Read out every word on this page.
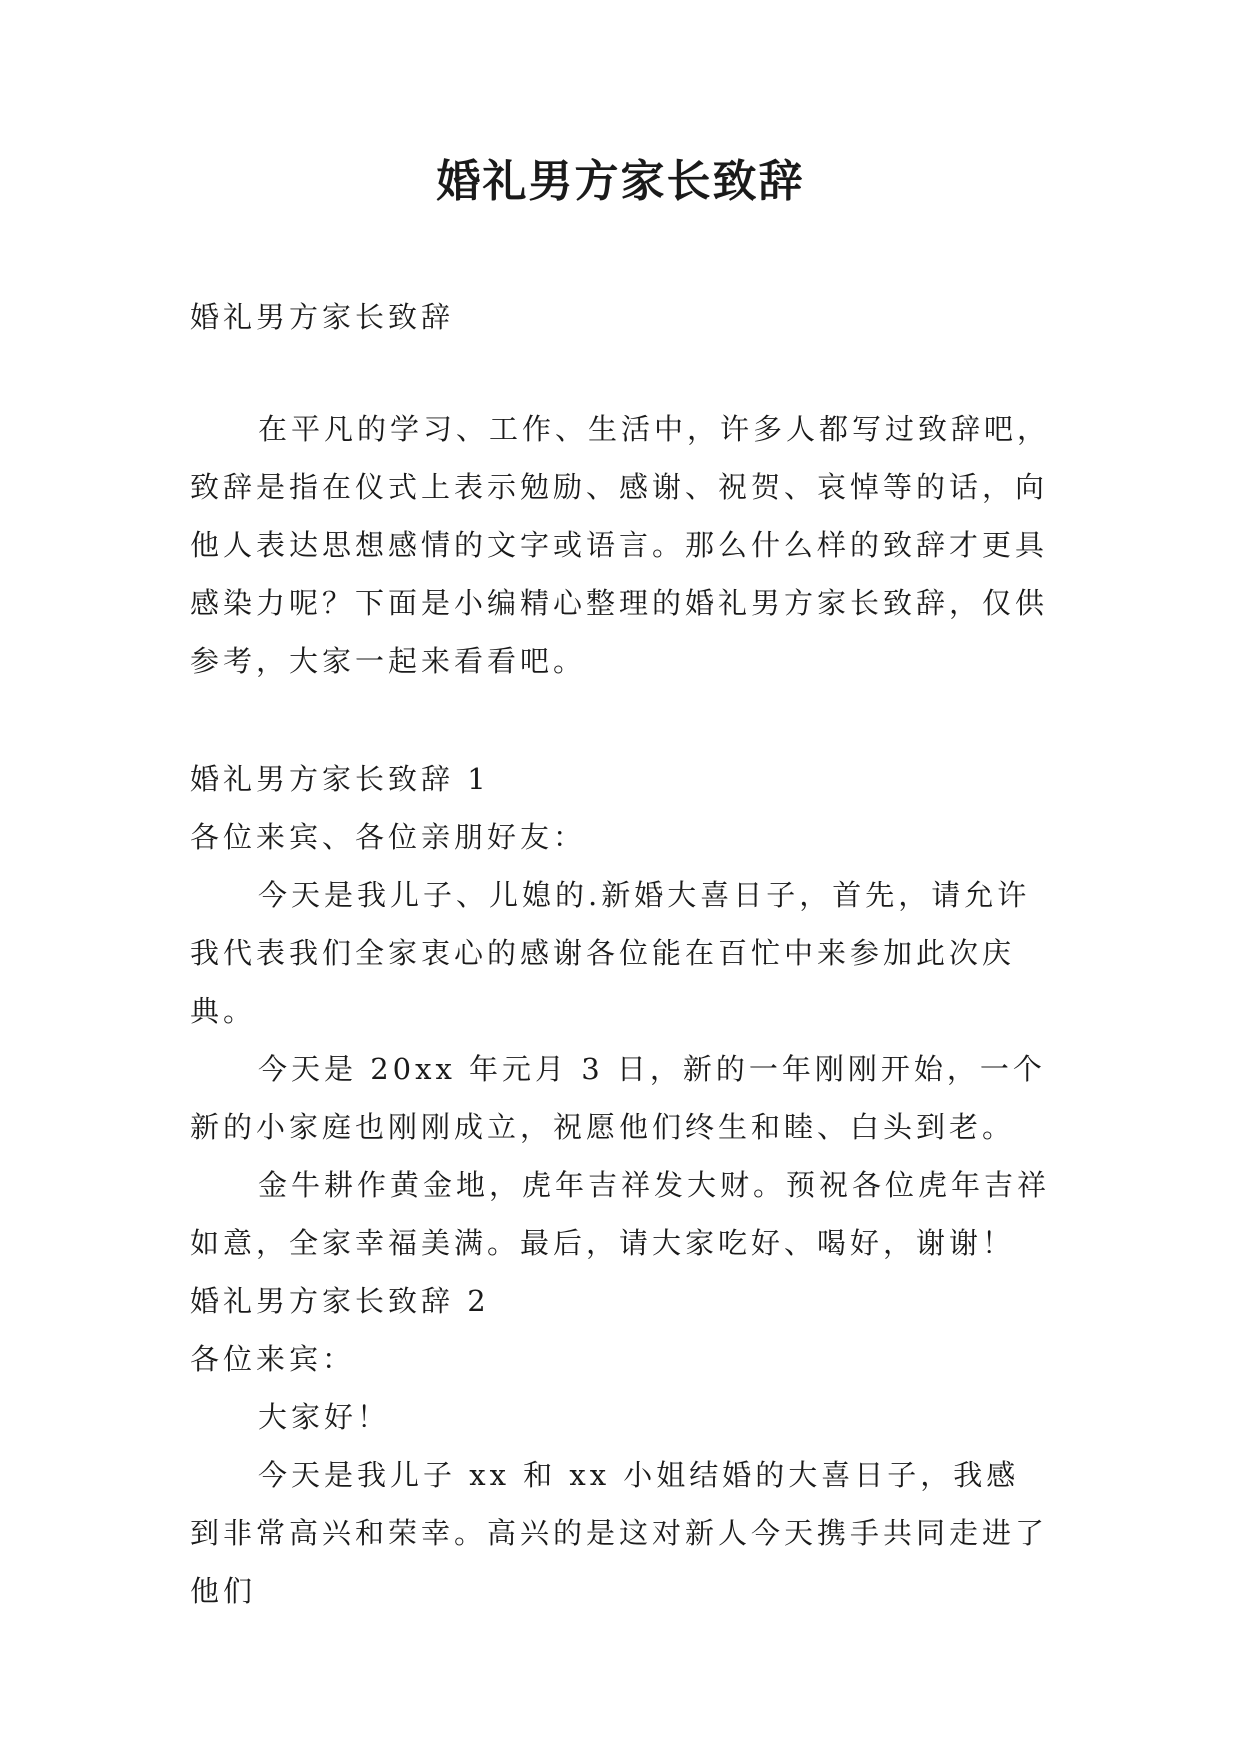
婚礼男方家长致辞

婚礼男方家长致辞

在平凡的学习、工作、生活中，许多人都写过致辞吧，致辞是指在仪式上表示勉励、感谢、祝贺、哀悼等的话，向他人表达思想感情的文字或语言。那么什么样的致辞才更具感染力呢？下面是小编精心整理的婚礼男方家长致辞，仅供参考，大家一起来看看吧。

婚礼男方家长致辞 1

各位来宾、各位亲朋好友：

今天是我儿子、儿媳的.新婚大喜日子，首先，请允许我代表我们全家衷心的感谢各位能在百忙中来参加此次庆典。

今天是 20xx 年元月 3 日，新的一年刚刚开始，一个新的小家庭也刚刚成立，祝愿他们终生和睦、白头到老。

金牛耕作黄金地，虎年吉祥发大财。预祝各位虎年吉祥如意，全家幸福美满。最后，请大家吃好、喝好，谢谢！

婚礼男方家长致辞 2

各位来宾：

大家好！

今天是我儿子 xx 和 xx 小姐结婚的大喜日子，我感到非常高兴和荣幸。高兴的是这对新人今天携手共同走进了他们
